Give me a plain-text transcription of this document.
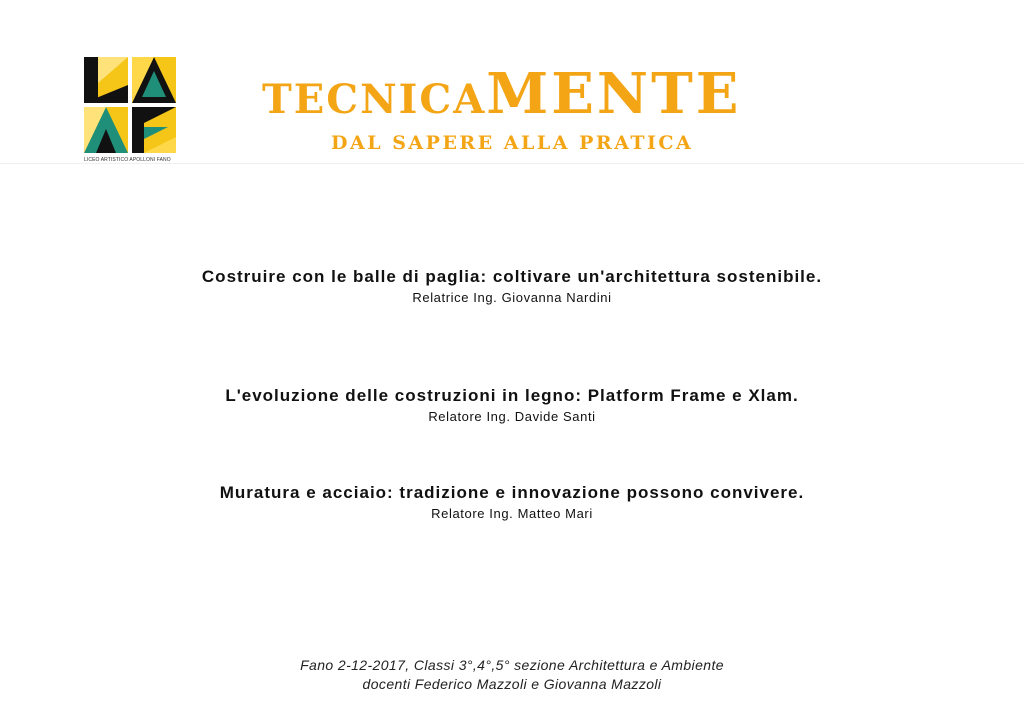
LICEO ARTISTICO APOLLONI FANO
TECNICAMENTE
DAL SAPERE ALLA PRATICA
Costruire con le balle di paglia: coltivare un'architettura sostenibile.
Relatrice Ing. Giovanna Nardini
L'evoluzione delle costruzioni in legno: Platform Frame e Xlam.
Relatore Ing. Davide Santi
Muratura e acciaio: tradizione e innovazione possono convivere.
Relatore Ing. Matteo Mari
Fano 2-12-2017, Classi 3°,4°,5° sezione Architettura e Ambiente
docenti Federico Mazzoli e Giovanna Mazzoli
